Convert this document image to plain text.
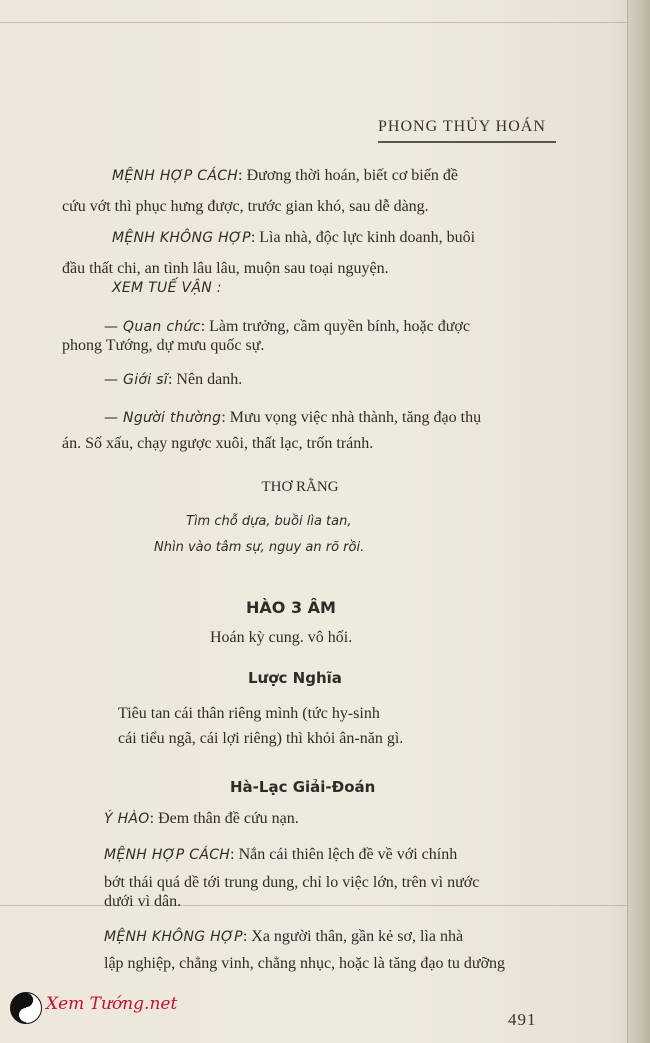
PHONG THỦY HOÁN
MỆNH HỢP CÁCH: Đương thời hoán, biết cơ biến đề
cứu vớt thì phục hưng được, trước gian khó, sau dễ dàng.
MỆNH KHÔNG HỢP: Lìa nhà, độc lực kinh doanh, buôi
đầu thất chi, an tình lâu lâu, muộn sau toại nguyện.
XEM TUẾ VẬN :
— Quan chức: Làm trưởng, cầm quyền bính, hoặc được
phong Tướng, dự mưu quốc sự.
— Giới sĩ: Nên danh.
— Người thường: Mưu vọng việc nhà thành, tăng đạo thụ
án. Số xấu, chạy ngược xuôi, thất lạc, trốn tránh.
THƠ RẰNG
Tìm chỗ dựa, buồi lìa tan,
Nhìn vào tâm sự, nguy an rõ rồi.
HÀO 3 ÂM
Hoán kỳ cung. vô hối.
Lược Nghĩa
Tiêu tan cái thân riêng mình (tức hy-sinh
cái tiểu ngã, cái lợi riêng) thì khỏi ân-năn gì.
Hà-Lạc Giải-Đoán
Ý HÀO: Đem thân đề cứu nạn.
MỆNH HỢP CÁCH: Nắn cái thiên lệch đề về với chính
bớt thái quá dề tới trung dung, chỉ lo việc lớn, trên vì nước
dưới vì dân.
MỆNH KHÔNG HỢP: Xa người thân, gần kẻ sơ, lìa nhà
lập nghiệp, chẳng vinh, chẳng nhục, hoặc là tăng đạo tu dưỡng
Xem Tướng.net
491
